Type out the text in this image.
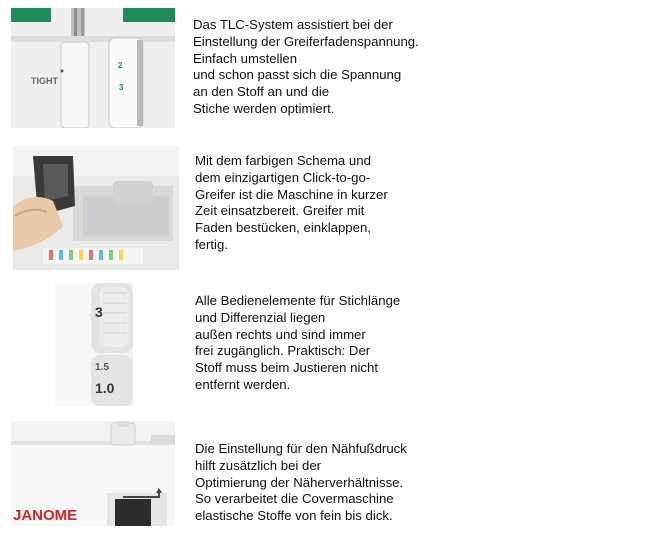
TIGHT
2
3

Das TLC-System assistiert bei der
Einstellung der Greiferfadenspannung.
Einfach umstellen
und schon passt sich die Spannung
an den Stoff an und die
Stiche werden optimiert.

Mit dem farbigen Schema und
dem einzigartigen Click-to-go-
Greifer ist die Maschine in kurzer
Zeit einsatzbereit. Greifer mit
Faden bestücken, einklappen,
fertig.

3
1.5
1.0

Alle Bedienelemente für Stichlänge
und Differenzial liegen
außen rechts und sind immer
frei zugänglich. Praktisch: Der
Stoff muss beim Justieren nicht
entfernt werden.

JANOME

Die Einstellung für den Nähfußdruck
hilft zusätzlich bei der
Optimierung der Näherverhältnisse.
So verarbeitet die Covermaschine
elastische Stoffe von fein bis dick.
